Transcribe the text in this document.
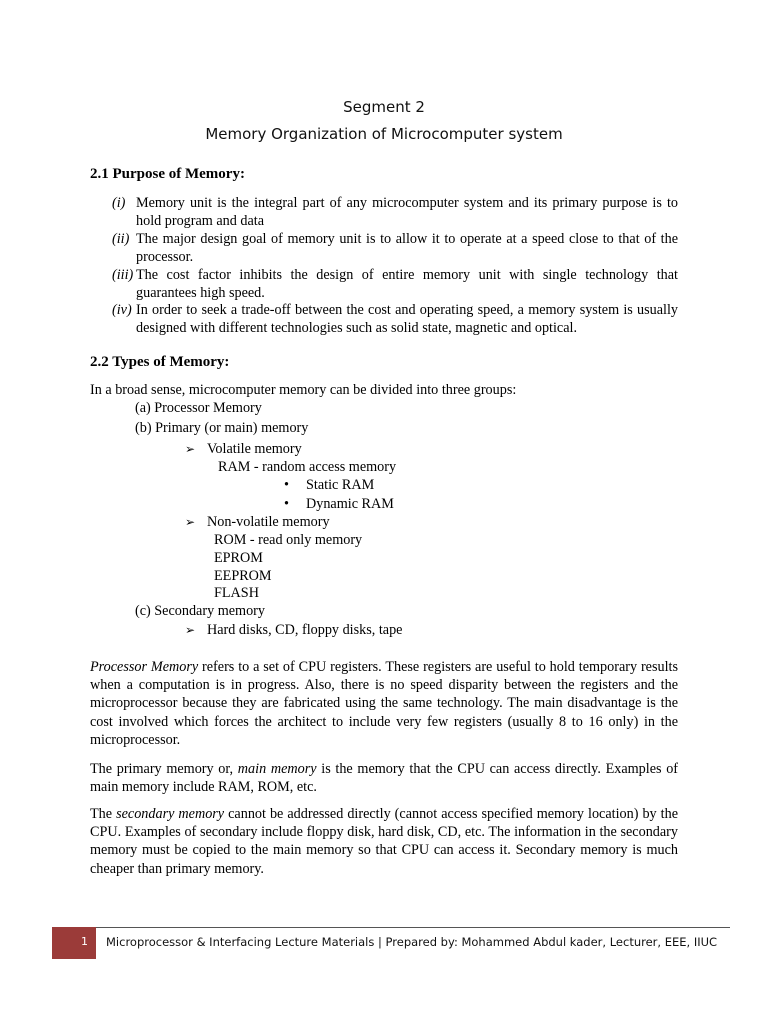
Segment 2
Memory Organization of Microcomputer system
2.1 Purpose of Memory:
(i) Memory unit is the integral part of any microcomputer system and its primary purpose is to hold program and data
(ii) The major design goal of memory unit is to allow it to operate at a speed close to that of the processor.
(iii) The cost factor inhibits the design of entire memory unit with single technology that guarantees high speed.
(iv) In order to seek a trade-off between the cost and operating speed, a memory system is usually designed with different technologies such as solid state, magnetic and optical.
2.2 Types of Memory:
In a broad sense, microcomputer memory can be divided into three groups:
(a) Processor Memory
(b) Primary (or main) memory
➢ Volatile memory
RAM - random access memory
• Static RAM
• Dynamic RAM
➢ Non-volatile memory
ROM - read only memory
EPROM
EEPROM
FLASH
(c) Secondary memory
➢ Hard disks, CD, floppy disks, tape
Processor Memory refers to a set of CPU registers. These registers are useful to hold temporary results when a computation is in progress. Also, there is no speed disparity between the registers and the microprocessor because they are fabricated using the same technology. The main disadvantage is the cost involved which forces the architect to include very few registers (usually 8 to 16 only) in the microprocessor.
The primary memory or, main memory is the memory that the CPU can access directly. Examples of main memory include RAM, ROM, etc.
The secondary memory cannot be addressed directly (cannot access specified memory location) by the CPU. Examples of secondary include floppy disk, hard disk, CD, etc. The information in the secondary memory must be copied to the main memory so that CPU can access it. Secondary memory is much cheaper than primary memory.
1 Microprocessor & Interfacing Lecture Materials | Prepared by: Mohammed Abdul kader, Lecturer, EEE, IIUC
